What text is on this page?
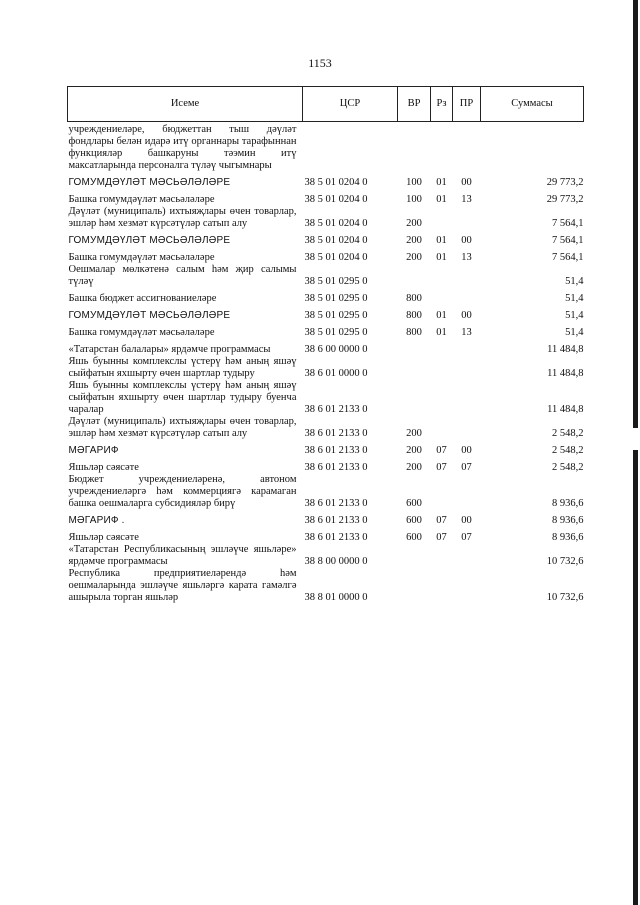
1153
Исеме	ЦСР	ВР	Рз	ПР	Суммасы
учреждениеләре, бюджеттан тыш дәүләт фондлары белән идарә итү органнары тарафыннан функцияләр башкаруны тәэмин итү максатларында персоналга түләү чыгымнары					
ГОМУМДӘҮЛӘТ МӘСЬӘЛӘЛӘРЕ	38 5 01 0204 0	100	01	00	29 773,2
Башка гомумдәүләт мәсьәләләре	38 5 01 0204 0	100	01	13	29 773,2
Дәүләт (муниципаль) ихтыяҗлары өчен товарлар, эшләр һәм хезмәт күрсәтүләр сатып алу	38 5 01 0204 0	200			7 564,1
ГОМУМДӘҮЛӘТ МӘСЬӘЛӘЛӘРЕ	38 5 01 0204 0	200	01	00	7 564,1
Башка гомумдәүләт мәсьәләләре	38 5 01 0204 0	200	01	13	7 564,1
Оешмалар мөлкәтенә салым һәм җир салымы түләү	38 5 01 0295 0				51,4
Башка бюджет ассигнованиеләре	38 5 01 0295 0	800			51,4
ГОМУМДӘҮЛӘТ МӘСЬӘЛӘЛӘРЕ	38 5 01 0295 0	800	01	00	51,4
Башка гомумдәүләт мәсьәләләре	38 5 01 0295 0	800	01	13	51,4
«Татарстан балалары» ярдәмче программасы	38 6 00 0000 0				11 484,8
Яшь буынны комплекслы үстерү һәм аның яшәү сыйфатын яхшырту өчен шартлар тудыру	38 6 01 0000 0				11 484,8
Яшь буынны комплекслы үстерү һәм аның яшәү сыйфатын яхшырту өчен шартлар тудыру буенча чаралар	38 6 01 2133 0				11 484,8
Дәүләт (муниципаль) ихтыяҗлары өчен товарлар, эшләр һәм хезмәт күрсәтүләр сатып алу	38 6 01 2133 0	200			2 548,2
МӘГАРИФ	38 6 01 2133 0	200	07	00	2 548,2
Яшьләр сәясәте	38 6 01 2133 0	200	07	07	2 548,2
Бюджет учреждениеләренә, автоном учреждениеләргә һәм коммерциягә карамаган башка оешмаларга субсидияләр бирү	38 6 01 2133 0	600			8 936,6
МӘГАРИФ .	38 6 01 2133 0	600	07	00	8 936,6
Яшьләр сәясәте	38 6 01 2133 0	600	07	07	8 936,6
«Татарстан Республикасының эшләүче яшьләре» ярдәмче программасы	38 8 00 0000 0				10 732,6
Республика предприятиеләрендә һәм оешмаларында эшләүче яшьләргә карата гамәлгә ашырыла торган яшьләр	38 8 01 0000 0				10 732,6
